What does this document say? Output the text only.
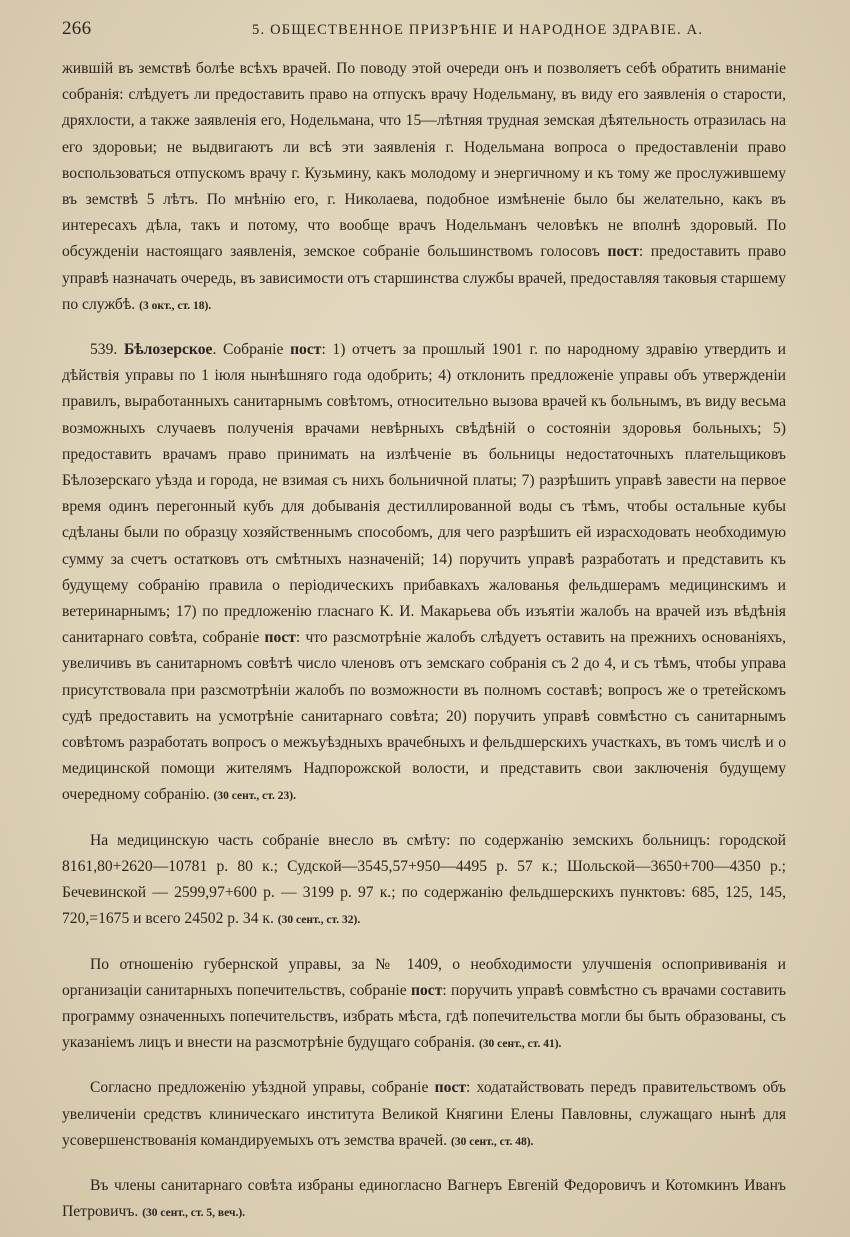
266	5. ОБЩЕСТВЕННОЕ ПРИЗРѢНІЕ И НАРОДНОЕ ЗДРАВІЕ. А.

жившій въ земствѣ болѣе всѣхъ врачей. По поводу этой очереди онъ и позволяетъ себѣ обратить вниманіе собранія: слѣдуетъ ли предоставить право на отпускъ врачу Нодельману, въ виду его заявленія о старости, дряхлости, а также заявленія его, Нодельмана, что 15—лѣтняя трудная земская дѣятельность отразилась на его здоровьи; не выдвигаютъ ли всѣ эти заявленія г. Нодельмана вопроса о предоставленіи право воспользоваться отпускомъ врачу г. Кузьмину, какъ молодому и энергичному и къ тому же прослужившему въ земствѣ 5 лѣтъ. По мнѣнію его, г. Николаева, подобное измѣненіе было бы желательно, какъ въ интересахъ дѣла, такъ и потому, что вообще врачъ Нодельманъ человѣкъ не вполнѣ здоровый. По обсужденіи настоящаго заявленія, земское собраніе большинствомъ голосовъ пост: предоставить право управѣ назначать очередь, въ зависимости отъ старшинства службы врачей, предоставляя таковыя старшему по службѣ. (3 окт., ст. 18).

539. Бѣлозерское. Собраніе пост: 1) отчетъ за прошлый 1901 г. по народному здравію утвердить и дѣйствія управы по 1 іюля нынѣшняго года одобрить; 4) отклонить предложеніе управы объ утвержденіи правилъ, выработанныхъ санитарнымъ совѣтомъ, относительно вызова врачей къ больнымъ, въ виду весьма возможныхъ случаевъ полученія врачами невѣрныхъ свѣдѣній о состояніи здоровья больныхъ; 5) предоставить врачамъ право принимать на излѣченіе въ больницы недостаточныхъ плательщиковъ Бѣлозерскаго уѣзда и города, не взимая съ нихъ больничной платы; 7) разрѣшить управѣ завести на первое время одинъ перегонный кубъ для добыванія дестиллированной воды съ тѣмъ, чтобы остальные кубы сдѣланы были по образцу хозяйственнымъ способомъ, для чего разрѣшить ей израсходовать необходимую сумму за счетъ остатковъ отъ смѣтныхъ назначеній; 14) поручить управѣ разработать и представить къ будущему собранію правила о періодическихъ прибавкахъ жалованья фельдшерамъ медицинскимъ и ветеринарнымъ; 17) по предложенію гласнаго К. И. Макарьева объ изъятіи жалобъ на врачей изъ вѣдѣнія санитарнаго совѣта, собраніе пост: что разсмотрѣніе жалобъ слѣдуетъ оставить на прежнихъ основаніяхъ, увеличивъ въ санитарномъ совѣтѣ число членовъ отъ земскаго собранія съ 2 до 4, и съ тѣмъ, чтобы управа присутствовала при разсмотрѣніи жалобъ по возможности въ полномъ составѣ; вопросъ же о третейскомъ судѣ предоставить на усмотрѣніе санитарнаго совѣта; 20) поручить управѣ совмѣстно съ санитарнымъ совѣтомъ разработать вопросъ о межъуѣздныхъ врачебныхъ и фельдшерскихъ участкахъ, въ томъ числѣ и о медицинской помощи жителямъ Надпорожской волости, и представить свои заключенія будущему очередному собранію. (30 сент., ст. 23).

На медицинскую часть собраніе внесло въ смѣту: по содержанію земскихъ больницъ: городской 8161,80+2620—10781 р. 80 к.; Судской—3545,57+950—4495 р. 57 к.; Шольской—3650+700—4350 р.; Бечевинской — 2599,97+600 р. — 3199 р. 97 к.; по содержанію фельдшерскихъ пунктовъ: 685, 125, 145, 720,=1675 и всего 24502 р. 34 к. (30 сент., ст. 32).

По отношенію губернской управы, за № 1409, о необходимости улучшенія оспопрививанія и организаціи санитарныхъ попечительствъ, собраніе пост: поручить управѣ совмѣстно съ врачами составить программу означенныхъ попечительствъ, избрать мѣста, гдѣ попечительства могли бы быть образованы, съ указаніемъ лицъ и внести на разсмотрѣніе будущаго собранія. (30 сент., ст. 41).

Согласно предложенію уѣздной управы, собраніе пост: ходатайствовать передъ правительствомъ объ увеличеніи средствъ клиническаго института Великой Княгини Елены Павловны, служащаго нынѣ для усовершенствованія командируемыхъ отъ земства врачей. (30 сент., ст. 48).

Въ члены санитарнаго совѣта избраны единогласно Вагнеръ Евгеній Федоровичъ и Котомкинъ Иванъ Петровичъ. (30 сент., ст. 5, веч.).
